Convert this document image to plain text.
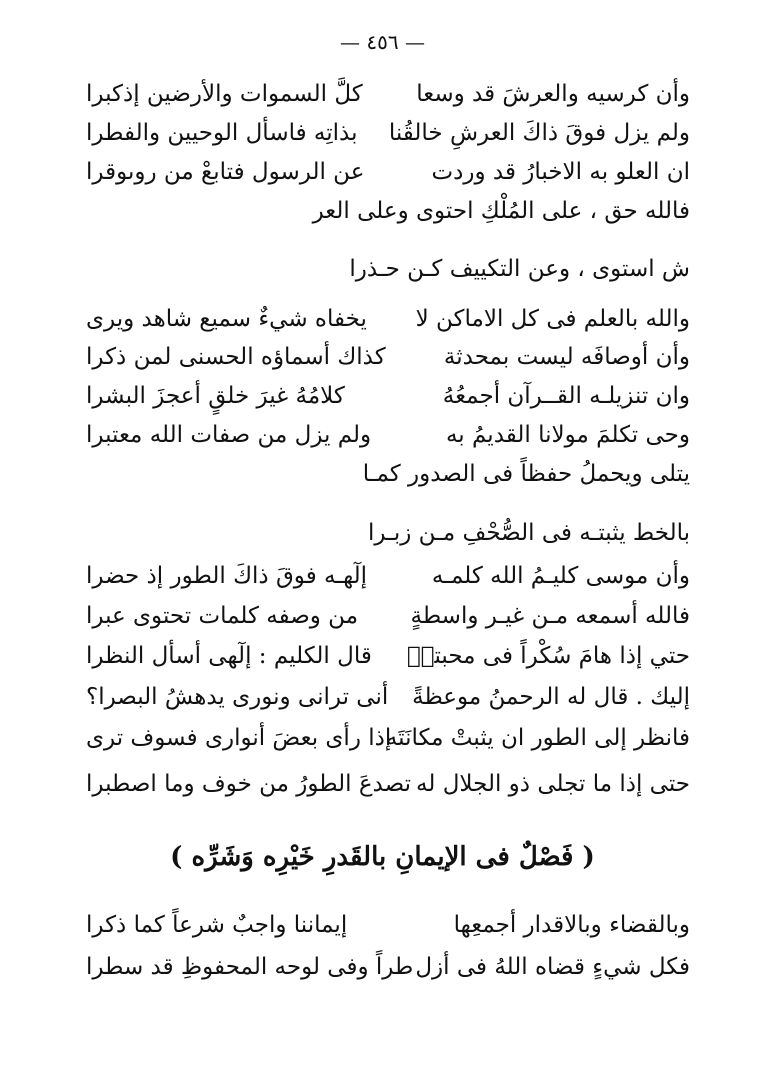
— ٤٥٦ —
وأن كرسيه والعرشَ قد وسعا
كلَّ السموات والأرضين إذكبرا
ولم يزل فوقَ ذاكَ العرشِ خالقُنا
بذاتِه فاسأل الوحيين والفطرا
ان العلو به الاخبارُ قد وردت
عن الرسول فتابعْ من روىوقرا
فالله حق ، على المُلْكِ احتوى وعلى العر
ش استوى ، وعن التكييف كـن حـذرا
والله بالعلم فى كل الاماكن لا
يخفاه شيءٌ سميع شاهد ويرى
وأن أوصافَه ليست بمحدثة
كذاك أسماؤه الحسنى لمن ذكرا
وان تنزيلـه القــرآن أجمعُهُ
كلامُهُ غيرَ خلقٍ أعجزَ البشرا
وحى تكلمَ مولانا القديمُ به
ولم يزل من صفات الله معتبرا
يتلى ويحملُ حفظاً فى الصدور كمـا
بالخط يثبتـه فى الصُّحْفِ مـن زبـرا
وأن موسى كليـمُ الله كلمـه
إلٓهـه فوقَ ذاكَ الطور إذ حضرا
فالله أسمعه مـن غيـر واسطةٍ
من وصفه كلمات تحتوى عبرا
حتي إذا هامَ سُكْراً فى محبتهٖ
قال الكليم : إلٓهى أسأل النظرا
إليك . قال له الرحمنُ موعظةً
أنى ترانى ونورى يدهشُ البصرا؟
فانظر إلى الطور ان يثبتْ مكانَتَه
إذا رأى بعضَ أنوارى فسوف ترى
حتى إذا ما تجلى ذو الجلال له
تصدعَ الطورُ من خوف وما اصطبرا
( فَصْلٌ فى الإيمانِ بالقَدرِ خَيْرِه وَشَرِّه )
وبالقضاء وبالاقدار أجمعِها
إيماننا واجبٌ شرعاً كما ذكرا
فكل شيءٍ قضاه اللهُ فى أزل
طراً وفى لوحه المحفوظِ قد سطرا
